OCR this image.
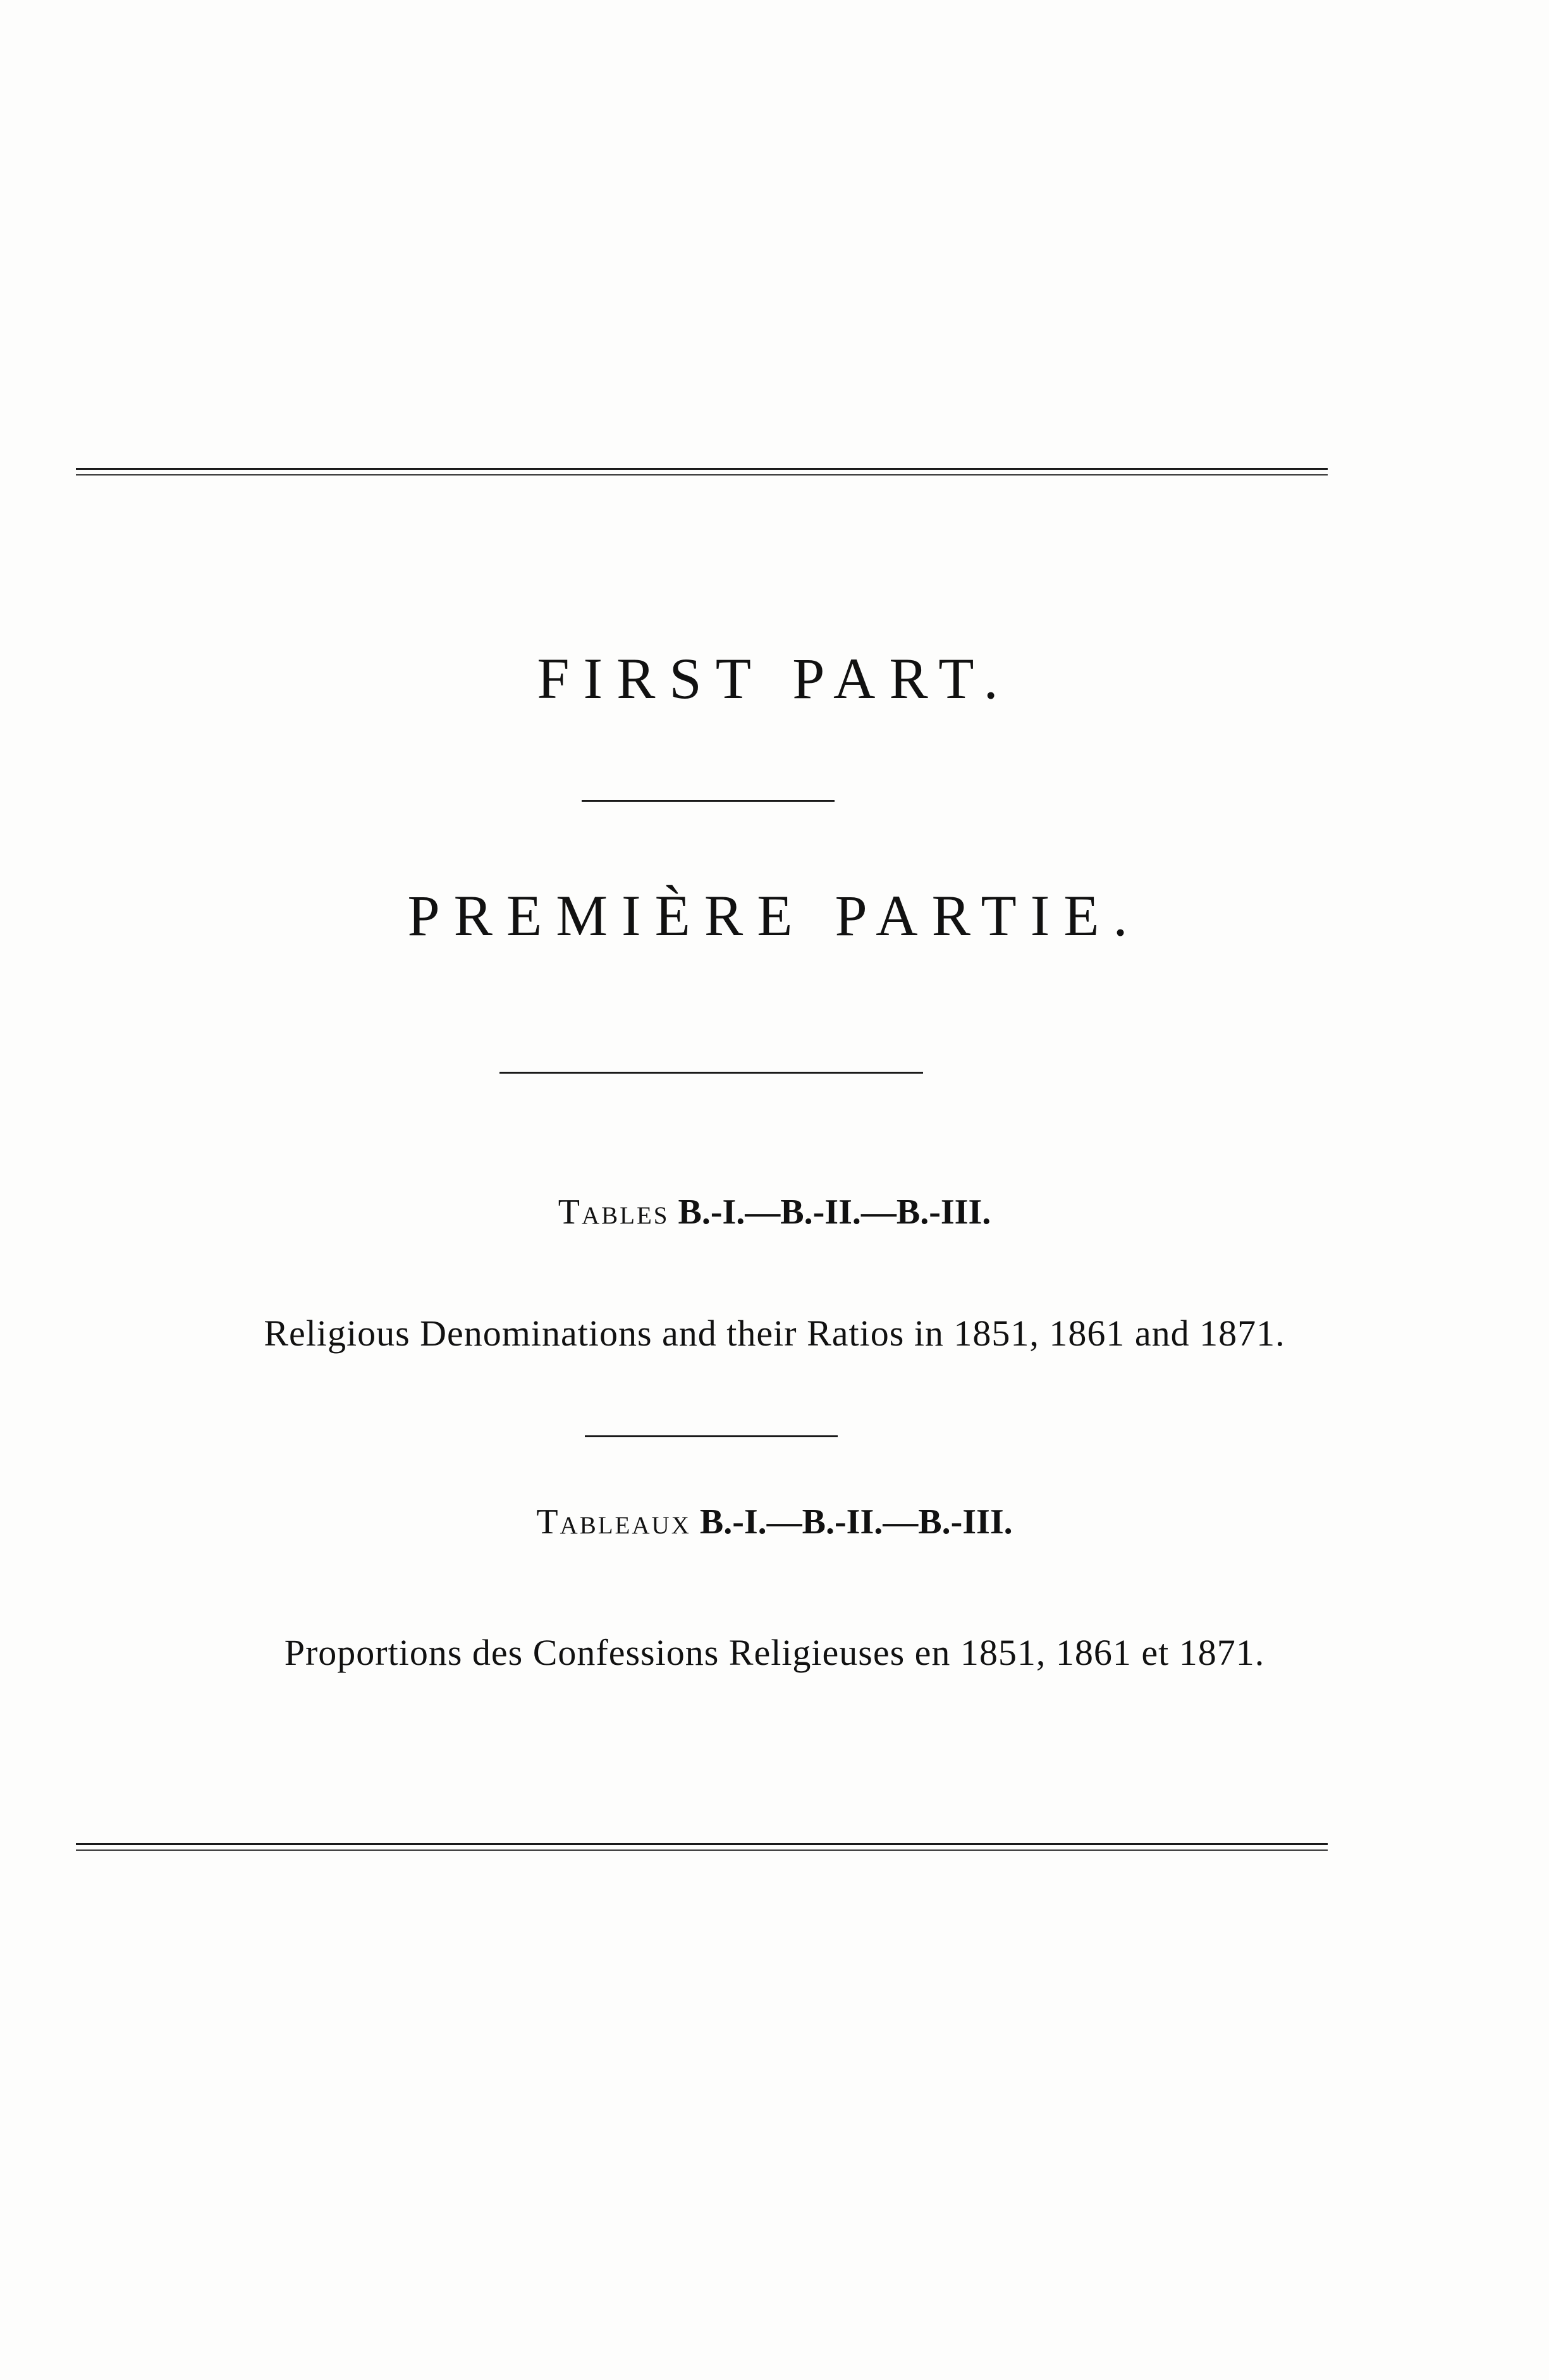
FIRST PART.
PREMIÈRE PARTIE.
Tables B.-I.—B.-II.—B.-III.
Religious Denominations and their Ratios in 1851, 1861 and 1871.
Tableaux B.-I.—B.-II.—B.-III.
Proportions des Confessions Religieuses en 1851, 1861 et 1871.
